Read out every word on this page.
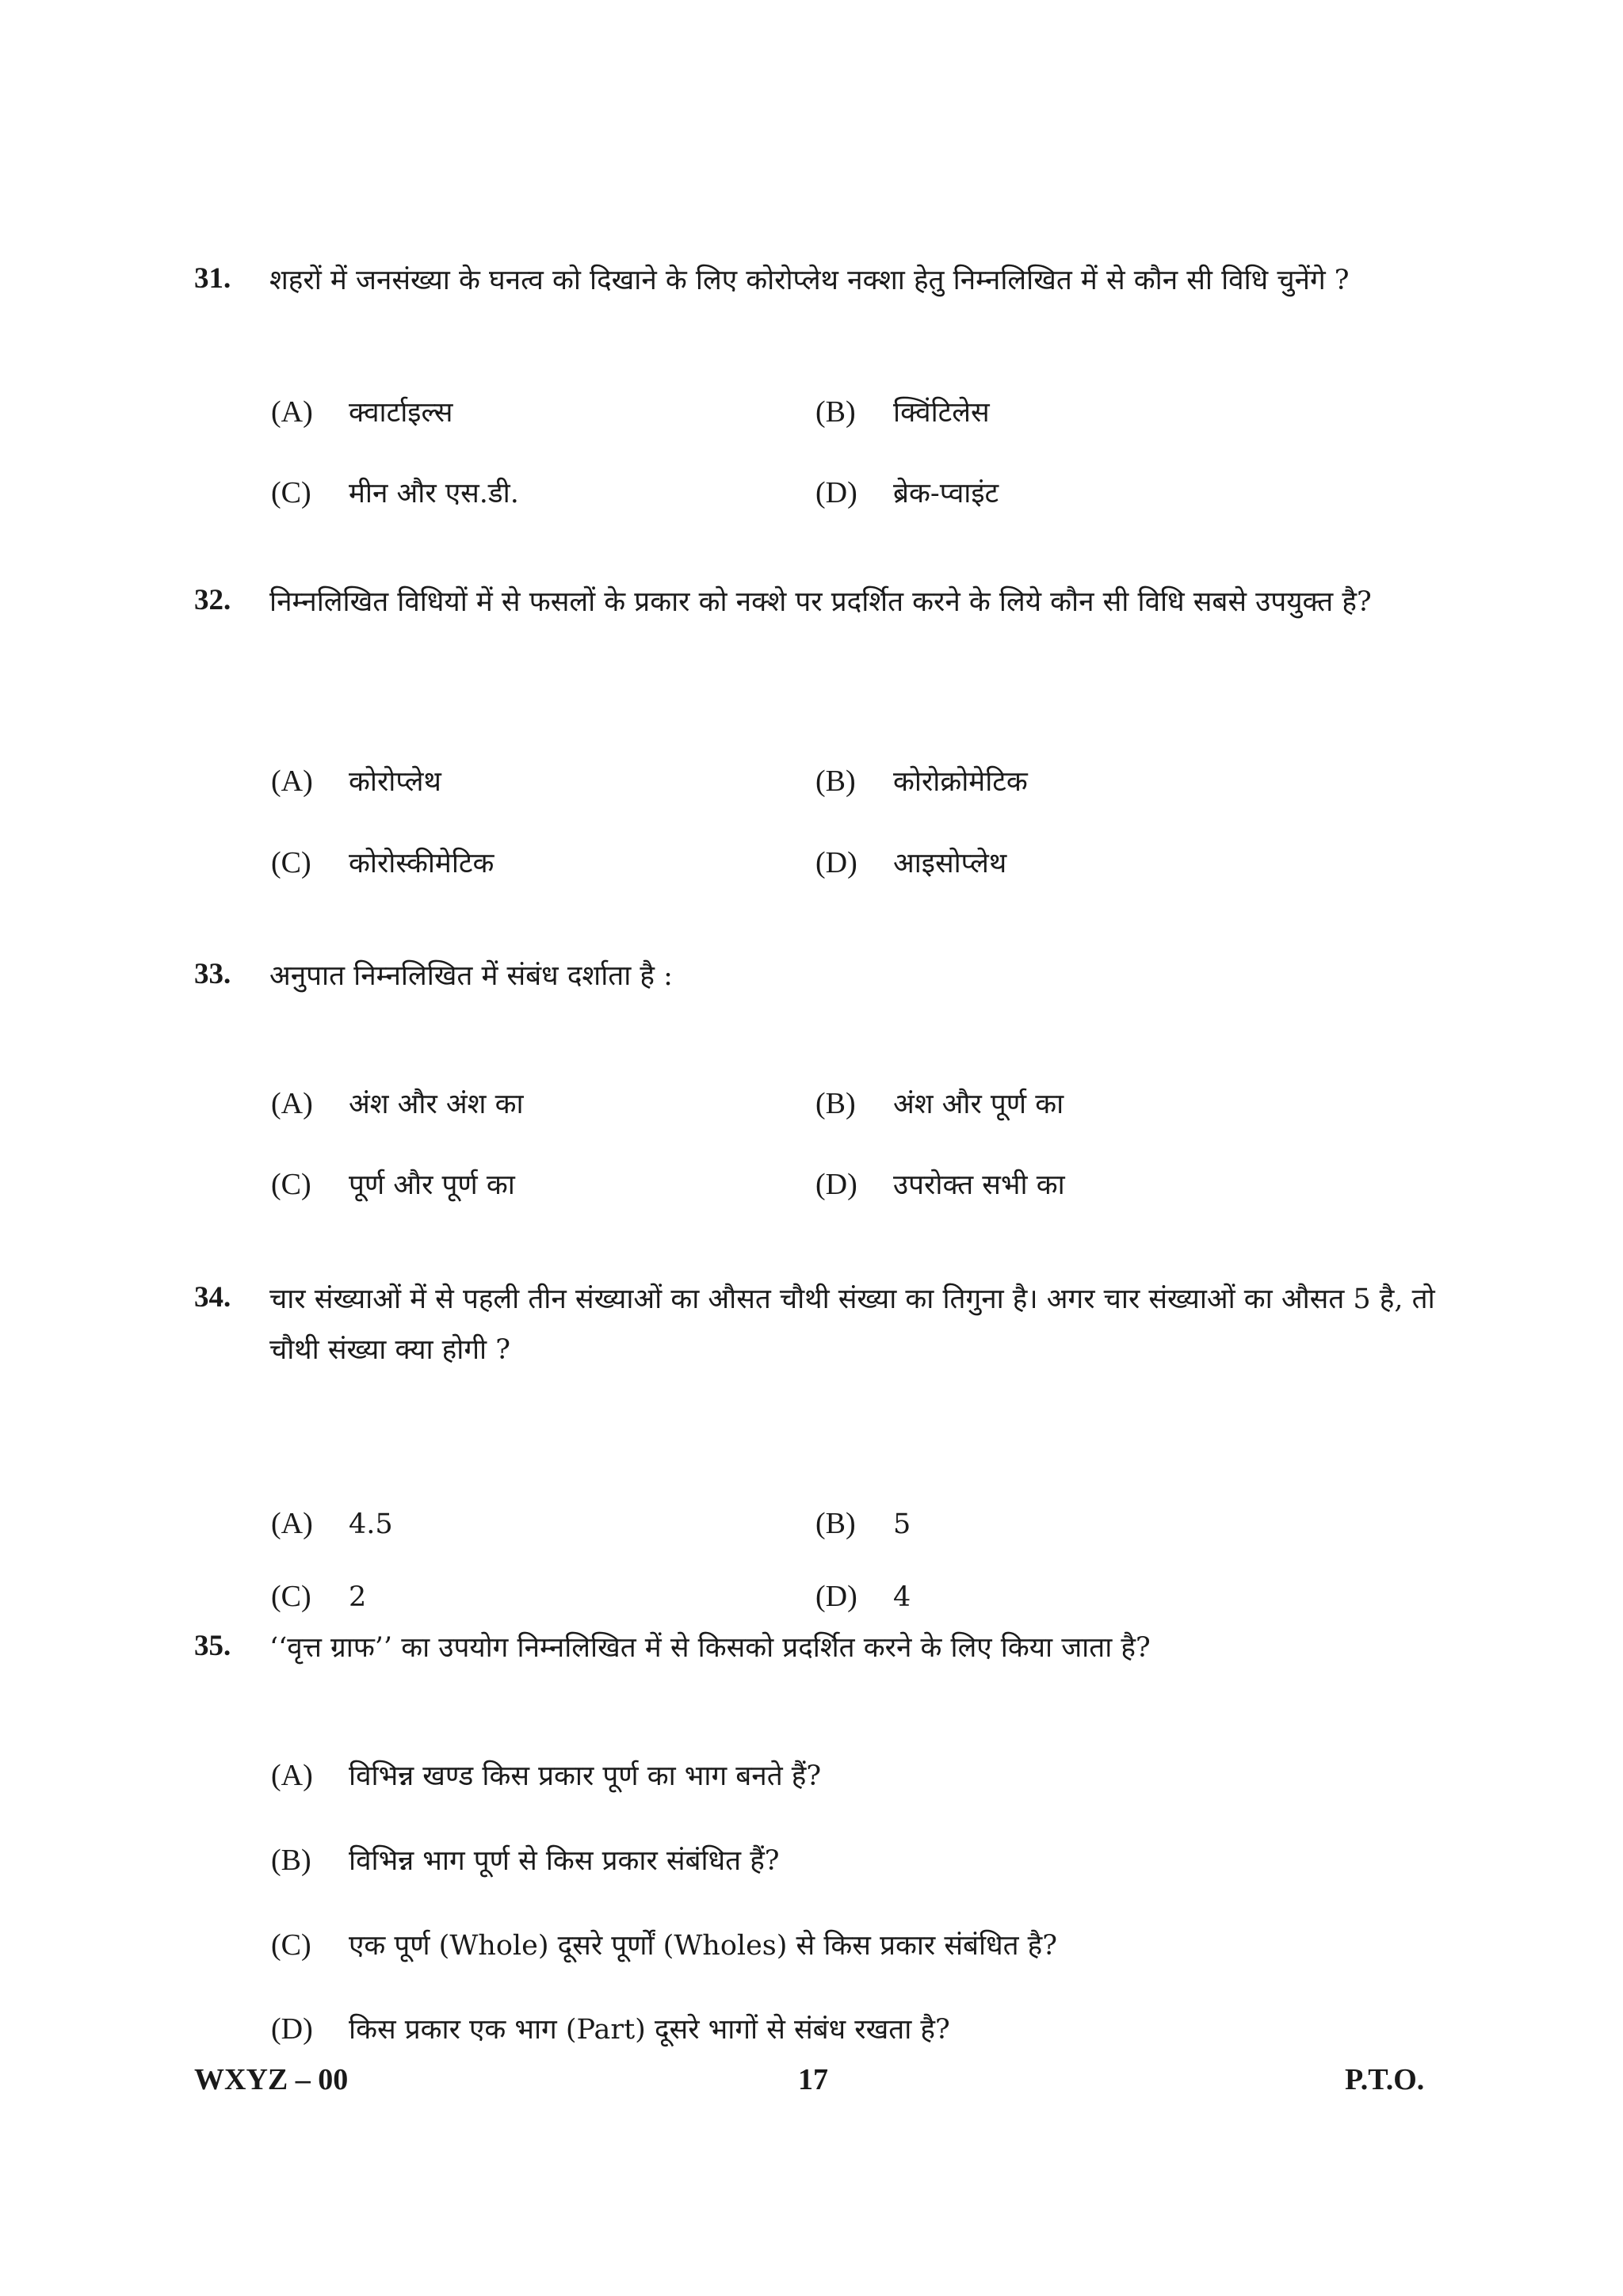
31.	शहरों में जनसंख्या के घनत्व को दिखाने के लिए कोरोप्लेथ नक्शा हेतु निम्नलिखित में से कौन सी विधि चुनेंगे ?
(A) क्वार्टाइल्स	(B) क्विंटिलेस
(C) मीन और एस.डी.	(D) ब्रेक-प्वाइंट
32.	निम्नलिखित विधियों में से फसलों के प्रकार को नक्शे पर प्रदर्शित करने के लिये कौन सी विधि सबसे उपयुक्त है?
(A) कोरोप्लेथ	(B) कोरोक्रोमेटिक
(C) कोरोस्कीमेटिक	(D) आइसोप्लेथ
33.	अनुपात निम्नलिखित में संबंध दर्शाता है :
(A) अंश और अंश का	(B) अंश और पूर्ण का
(C) पूर्ण और पूर्ण का	(D) उपरोक्त सभी का
34.	चार संख्याओं में से पहली तीन संख्याओं का औसत चौथी संख्या का तिगुना है। अगर चार संख्याओं का औसत 5 है, तो चौथी संख्या क्या होगी ?
(A) 4.5	(B) 5
(C) 2	(D) 4
35.	‘‘वृत्त ग्राफ’’ का उपयोग निम्नलिखित में से किसको प्रदर्शित करने के लिए किया जाता है?
(A) विभिन्न खण्ड किस प्रकार पूर्ण का भाग बनते हैं?
(B) विभिन्न भाग पूर्ण से किस प्रकार संबंधित हैं?
(C) एक पूर्ण (Whole) दूसरे पूर्णों (Wholes) से किस प्रकार संबंधित है?
(D) किस प्रकार एक भाग (Part) दूसरे भागों से संबंध रखता है?
WXYZ – 00	17	P.T.O.
